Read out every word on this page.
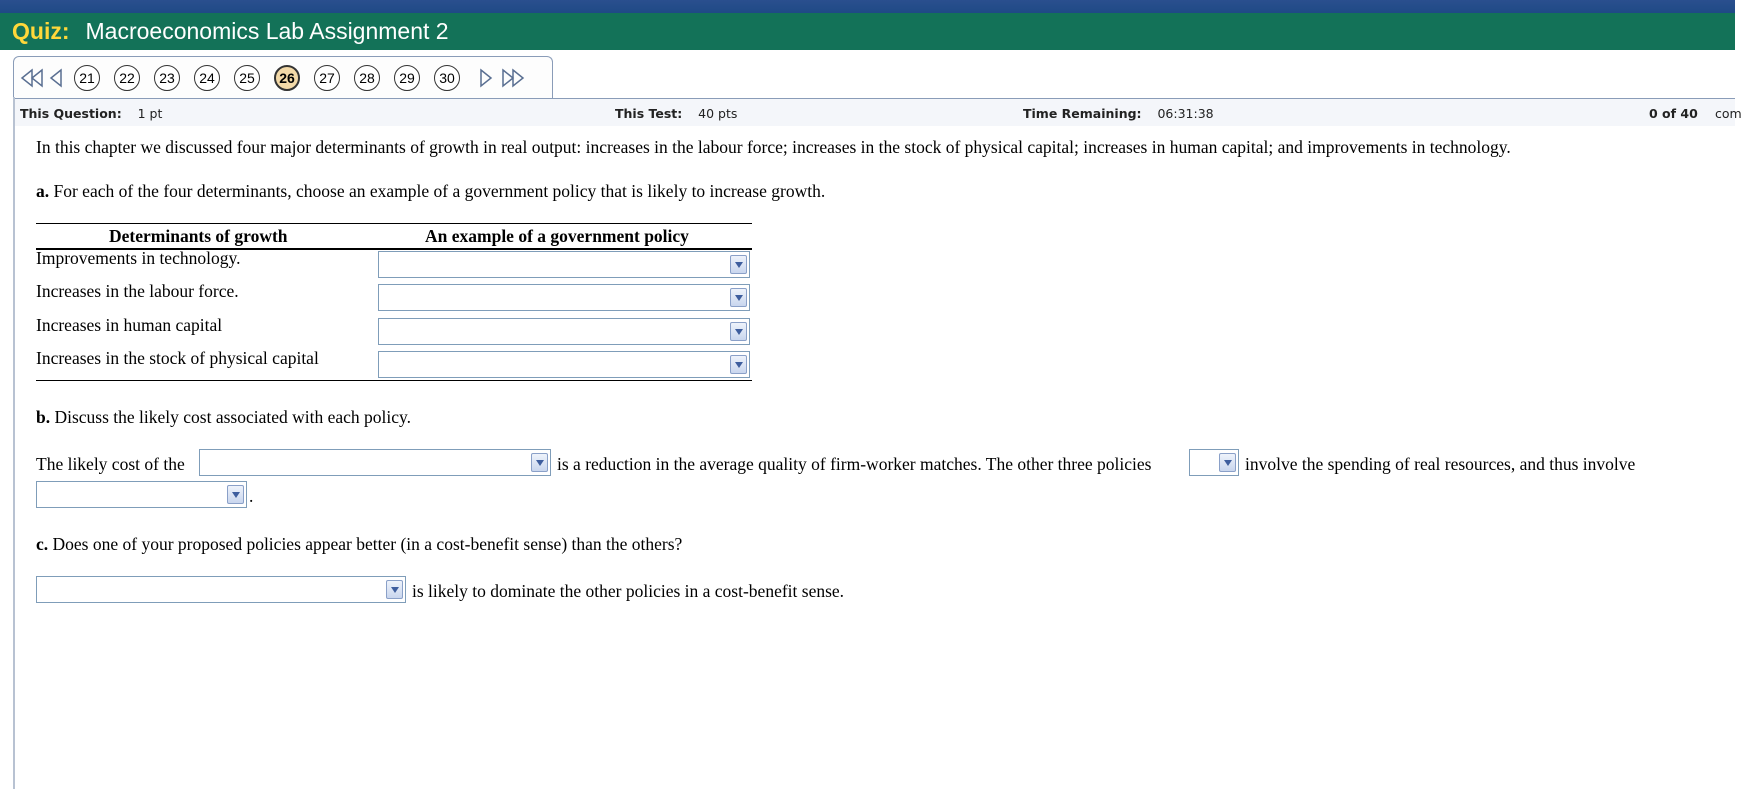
Quiz: Macroeconomics Lab Assignment 2
21	22	23	24	25	26	27	28	29	30
This Question: 1 pt	This Test: 40 pts	Time Remaining: 06:31:38	0 of 40 com
In this chapter we discussed four major determinants of growth in real output: increases in the labour force; increases in the stock of physical capital; increases in human capital; and improvements in technology.
a. For each of the four determinants, choose an example of a government policy that is likely to increase growth.
Determinants of growth	An example of a government policy
Improvements in technology.
Increases in the labour force.
Increases in human capital
Increases in the stock of physical capital
b. Discuss the likely cost associated with each policy.
The likely cost of the	is a reduction in the average quality of firm-worker matches. The other three policies	involve the spending of real resources, and thus involve
.
c. Does one of your proposed policies appear better (in a cost-benefit sense) than the others?
is likely to dominate the other policies in a cost-benefit sense.
